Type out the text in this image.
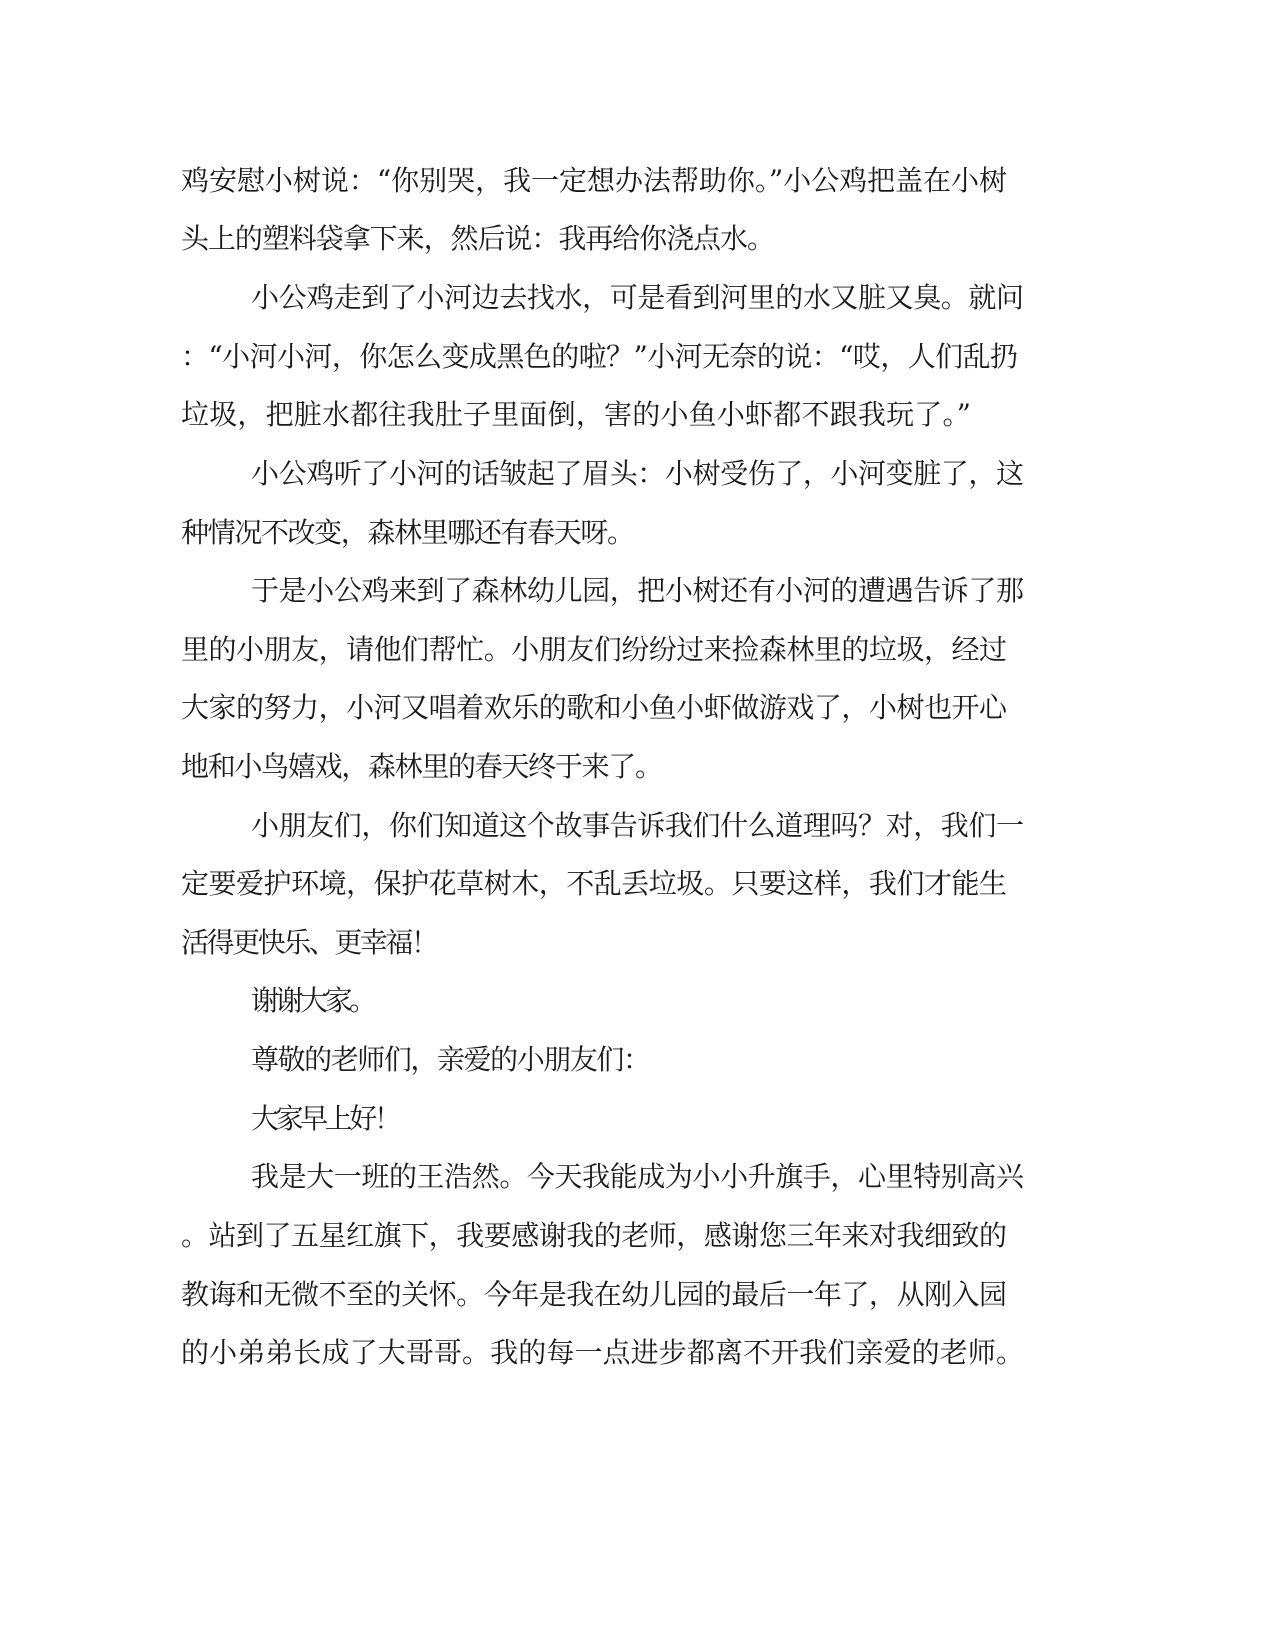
鸡安慰小树说：“你别哭，我一定想办法帮助你。”小公鸡把盖在小树
头上的塑料袋拿下来，然后说：我再给你浇点水。
小公鸡走到了小河边去找水，可是看到河里的水又脏又臭。就问
：“小河小河，你怎么变成黑色的啦？”小河无奈的说：“哎，人们乱扔
垃圾，把脏水都往我肚子里面倒，害的小鱼小虾都不跟我玩了。”
小公鸡听了小河的话皱起了眉头：小树受伤了，小河变脏了，这
种情况不改变，森林里哪还有春天呀。
于是小公鸡来到了森林幼儿园，把小树还有小河的遭遇告诉了那
里的小朋友，请他们帮忙。小朋友们纷纷过来捡森林里的垃圾，经过
大家的努力，小河又唱着欢乐的歌和小鱼小虾做游戏了，小树也开心
地和小鸟嬉戏，森林里的春天终于来了。
小朋友们，你们知道这个故事告诉我们什么道理吗？对，我们一
定要爱护环境，保护花草树木，不乱丢垃圾。只要这样，我们才能生
活得更快乐、更幸福！
谢谢大家。
尊敬的老师们，亲爱的小朋友们：
大家早上好！
我是大一班的王浩然。今天我能成为小小升旗手，心里特别高兴
。站到了五星红旗下，我要感谢我的老师，感谢您三年来对我细致的
教诲和无微不至的关怀。今年是我在幼儿园的最后一年了，从刚入园
的小弟弟长成了大哥哥。我的每一点进步都离不开我们亲爱的老师。
